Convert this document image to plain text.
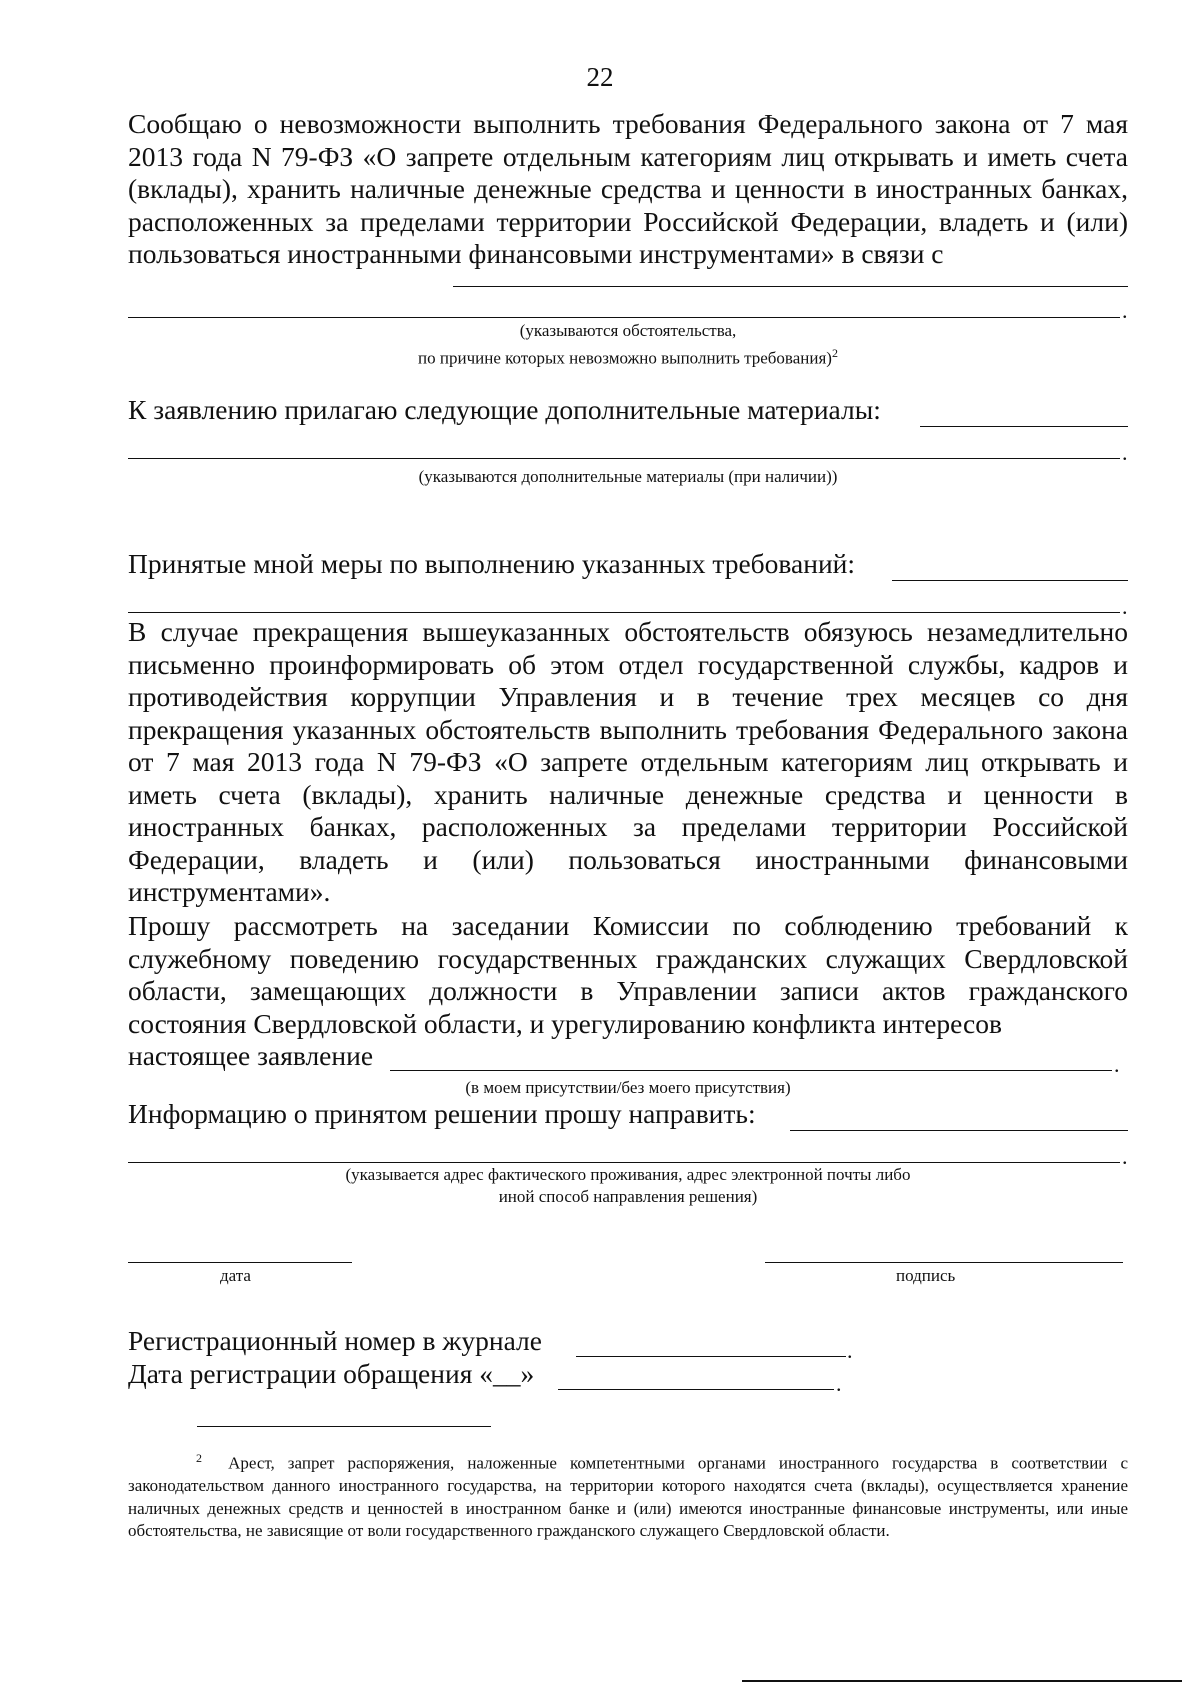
22

Сообщаю о невозможности выполнить требования Федерального закона от 7 мая 2013 года N 79-ФЗ «О запрете отдельным категориям лиц открывать и иметь счета (вклады), хранить наличные денежные средства и ценности в иностранных банках, расположенных за пределами территории Российской Федерации, владеть и (или) пользоваться иностранными финансовыми инструментами» в связи с

.

(указываются обстоятельства,
по причине которых невозможно выполнить требования)$^2$

К заявлению прилагаю следующие дополнительные материалы:
.

(указываются дополнительные материалы (при наличии))

Принятые мной меры по выполнению указанных требований:
.

В случае прекращения вышеуказанных обстоятельств обязуюсь незамедлительно письменно проинформировать об этом отдел государственной службы, кадров и противодействия коррупции Управления и в течение трех месяцев со дня прекращения указанных обстоятельств выполнить требования Федерального закона от 7 мая 2013 года N 79-ФЗ «О запрете отдельным категориям лиц открывать и иметь счета (вклады), хранить наличные денежные средства и ценности в иностранных банках, расположенных за пределами территории Российской Федерации, владеть и (или) пользоваться иностранными финансовыми инструментами».

Прошу рассмотреть на заседании Комиссии по соблюдению требований к служебному поведению государственных гражданских служащих Свердловской области, замещающих должности в Управлении записи актов гражданского состояния Свердловской области, и урегулированию конфликта интересов

настоящее заявление	.

(в моем присутствии/без моего присутствия)

Информацию о принятом решении прошу направить:
.

(указывается адрес фактического проживания, адрес электронной почты либо
иной способ направления решения)

дата	подпись
Регистрационный номер в журнале	.
Дата регистрации обращения «__»	.

$^2$ Арест, запрет распоряжения, наложенные компетентными органами иностранного государства в соответствии с законодательством данного иностранного государства, на территории которого находятся счета (вклады), осуществляется хранение наличных денежных средств и ценностей в иностранном банке и (или) имеются иностранные финансовые инструменты, или иные обстоятельства, не зависящие от воли государственного гражданского служащего Свердловской области.
